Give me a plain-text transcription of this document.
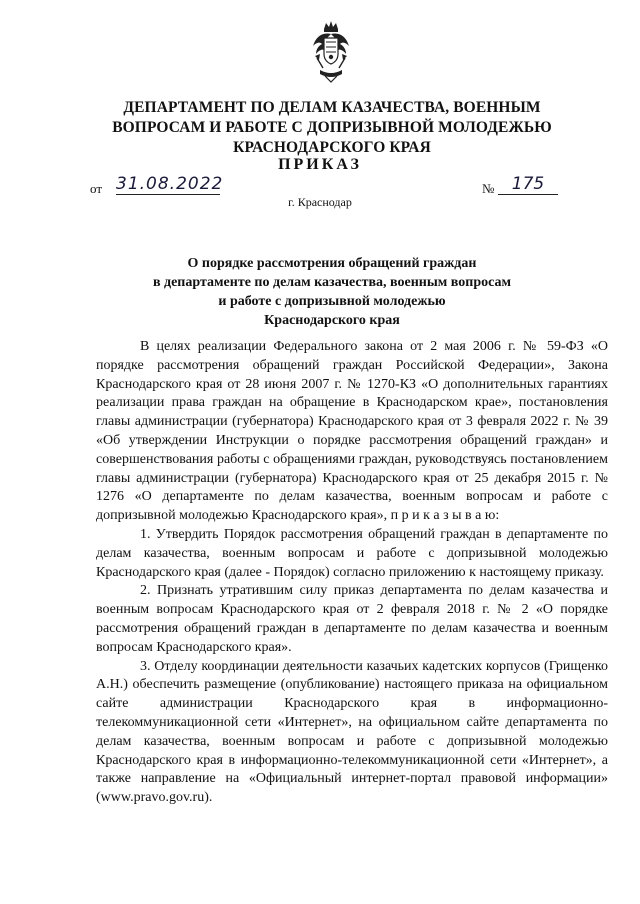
ДЕПАРТАМЕНТ ПО ДЕЛАМ КАЗАЧЕСТВА, ВОЕННЫМ
ВОПРОСАМ И РАБОТЕ С ДОПРИЗЫВНОЙ МОЛОДЕЖЬЮ
КРАСНОДАРСКОГО КРАЯ
ПРИКАЗ
от 31.08.2022	№	175
г. Краснодар
О порядке рассмотрения обращений граждан
в департаменте по делам казачества, военным вопросам
и работе с допризывной молодежью
Краснодарского края

В целях реализации Федерального закона от 2 мая 2006 г. № 59-ФЗ «О порядке рассмотрения обращений граждан Российской Федерации», Закона Краснодарского края от 28 июня 2007 г. № 1270-КЗ «О дополнительных гарантиях реализации права граждан на обращение в Краснодарском крае», постановления главы администрации (губернатора) Краснодарского края от 3 февраля 2022 г. № 39 «Об утверждении Инструкции о порядке рассмотрения обращений граждан» и совершенствования работы с обращениями граждан, руководствуясь постановлением главы администрации (губернатора) Краснодарского края от 25 декабря 2015 г. № 1276 «О департаменте по делам казачества, военным вопросам и работе с допризывной молодежью Краснодарского края», п р и к а з ы в а ю:

1. Утвердить Порядок рассмотрения обращений граждан в департаменте по делам казачества, военным вопросам и работе с допризывной молодежью Краснодарского края (далее - Порядок) согласно приложению к настоящему приказу.

2. Признать утратившим силу приказ департамента по делам казачества и военным вопросам Краснодарского края от 2 февраля 2018 г. № 2 «О порядке рассмотрения обращений граждан в департаменте по делам казачества и военным вопросам Краснодарского края».

3. Отделу координации деятельности казачьих кадетских корпусов (Грищенко А.Н.) обеспечить размещение (опубликование) настоящего приказа на официальном сайте администрации Краснодарского края в информационно-телекоммуникационной сети «Интернет», на официальном сайте департамента по делам казачества, военным вопросам и работе с допризывной молодежью Краснодарского края в информационно-телекоммуникационной сети «Интернет», а также направление на «Официальный интернет-портал правовой информации» (www.pravo.gov.ru).
